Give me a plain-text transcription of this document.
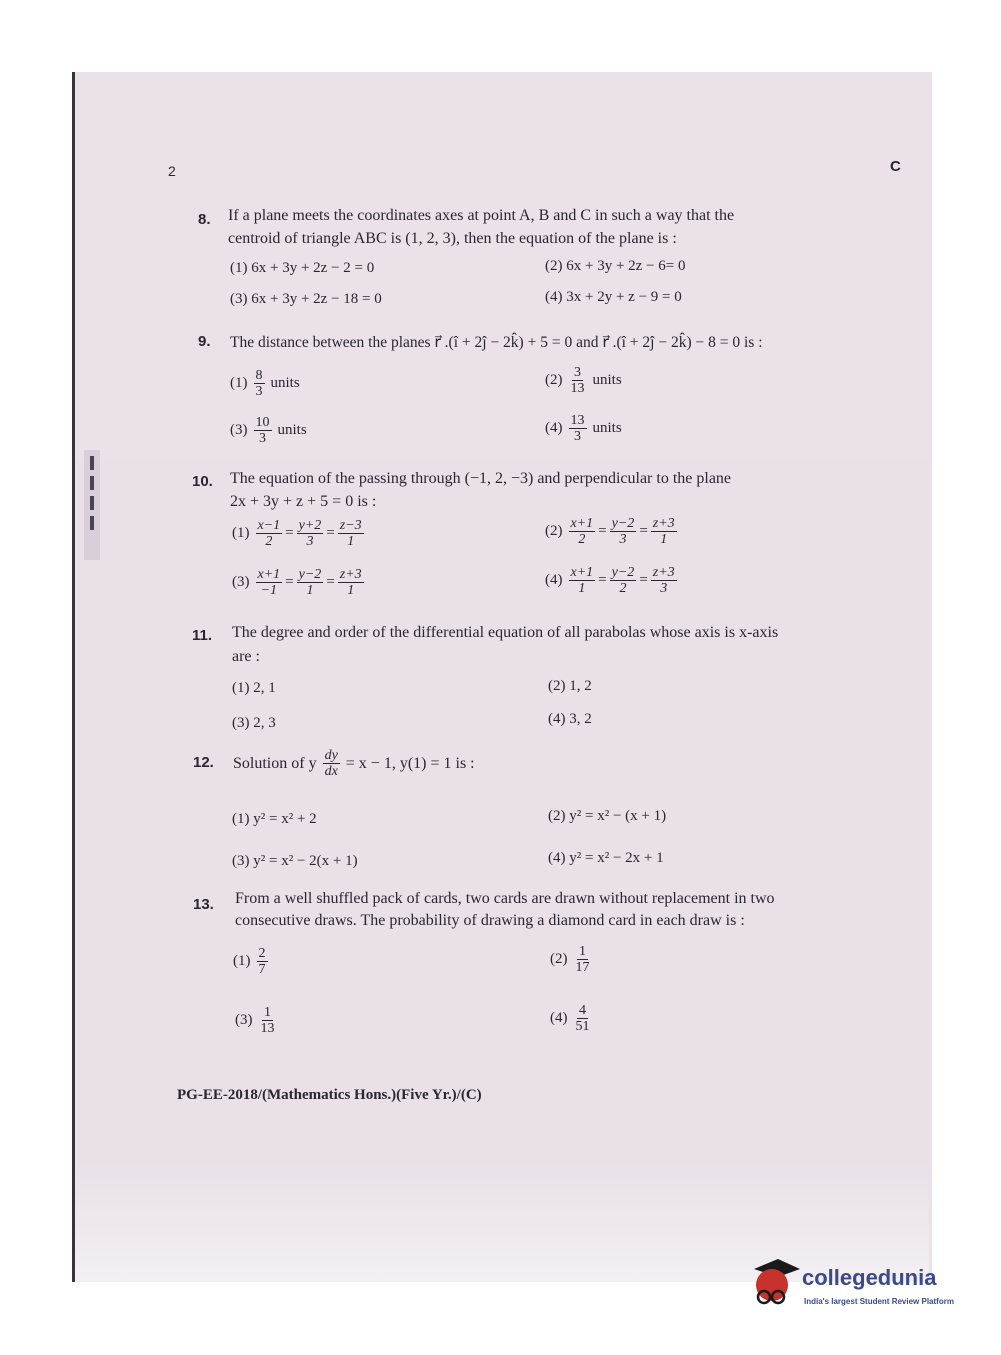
2	C
8. If a plane meets the coordinates axes at point A, B and C in such a way that the
centroid of triangle ABC is (1, 2, 3), then the equation of the plane is :
(1) 6x + 3y + 2z − 2 = 0	(2) 6x + 3y + 2z − 6= 0
(3) 6x + 3y + 2z − 18 = 0	(4) 3x + 2y + z − 9 = 0
9. The distance between the planes r⃗ .(î + 2ĵ − 2k̂) + 5 = 0 and r⃗ .(î + 2ĵ − 2k̂) − 8 = 0 is :
$(1) \frac{8}{3}$ units	$(2) \frac{3}{13}$ units
$(3) \frac{10}{3}$ units	$(4) \frac{13}{3}$ units
10. The equation of the passing through (−1, 2, −3) and perpendicular to the plane
2x + 3y + z + 5 = 0 is :
$(1) \frac{x-1}{2} = \frac{y+2}{3} = \frac{z-3}{1}$	$(2) \frac{x+1}{2} = \frac{y-2}{3} = \frac{z+3}{1}$
$(3) \frac{x+1}{-1} = \frac{y-2}{1} = \frac{z+3}{1}$	$(4) \frac{x+1}{1} = \frac{y-2}{2} = \frac{z+3}{3}$
11. The degree and order of the differential equation of all parabolas whose axis is x-axis
are :
(1) 2, 1	(2) 1, 2
(3) 2, 3	(4) 3, 2
12. Solution of y $\frac{dy}{dx} = x - 1$, y(1) = 1 is :
(1) y² = x² + 2	(2) y² = x² − (x + 1)
(3) y² = x² − 2(x + 1)	(4) y² = x² − 2x + 1
13. From a well shuffled pack of cards, two cards are drawn without replacement in two
consecutive draws. The probability of drawing a diamond card in each draw is :
$(1) \frac{2}{7}$	$(2) \frac{1}{17}$
$(3) \frac{1}{13}$	$(4) \frac{4}{51}$
PG-EE-2018/(Mathematics Hons.)(Five Yr.)/(C)
collegedunia
India's largest Student Review Platform
